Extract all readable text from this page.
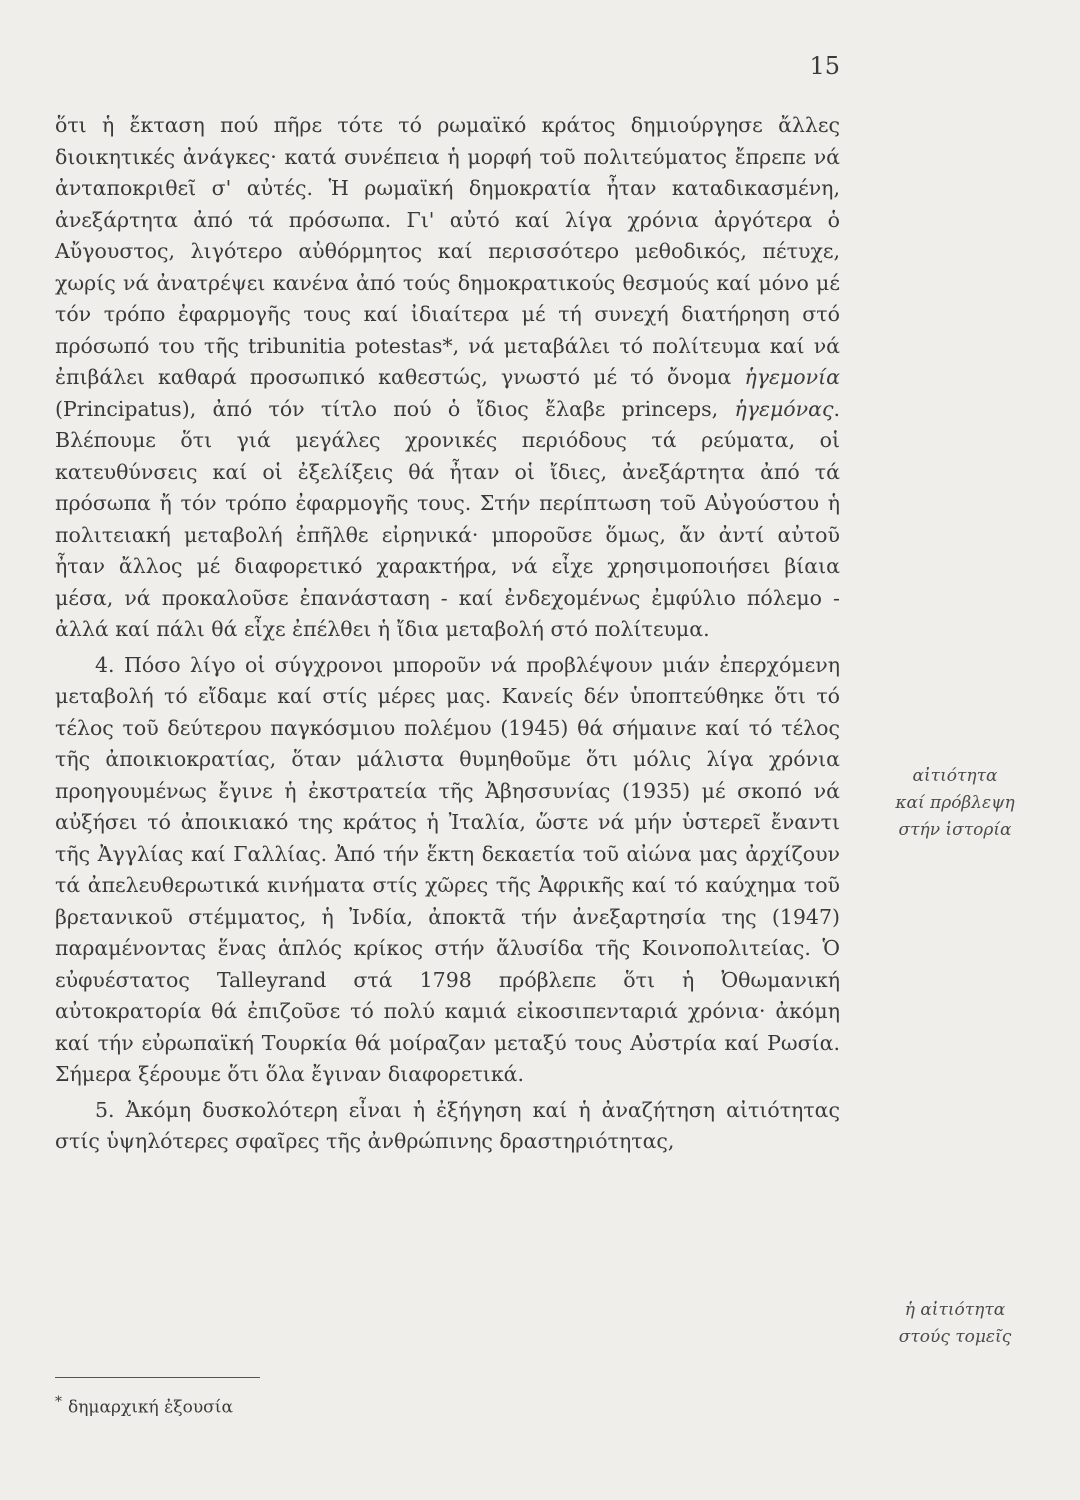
15

ὅτι ἡ ἔκταση πού πῆρε τότε τό ρωμαϊκό κράτος δημιούργησε ἄλλες διοικητικές ἀνάγκες· κατά συνέπεια ἡ μορφή τοῦ πολιτεύματος ἔπρεπε νά ἀνταποκριθεῖ σ' αὐτές. Ἡ ρωμαϊκή δημοκρατία ἦταν καταδικασμένη, ἀνεξάρτητα ἀπό τά πρόσωπα. Γι' αὐτό καί λίγα χρόνια ἀργότερα ὁ Αὔγουστος, λιγότερο αὐθόρμητος καί περισσότερο μεθοδικός, πέτυχε, χωρίς νά ἀνατρέψει κανένα ἀπό τούς δημοκρατικούς θεσμούς καί μόνο μέ τόν τρόπο ἐφαρμογῆς τους καί ἰδιαίτερα μέ τή συνεχή διατήρηση στό πρόσωπό του τῆς tribunitia potestas*, νά μεταβάλει τό πολίτευμα καί νά ἐπιβάλει καθαρά προσωπικό καθεστώς, γνωστό μέ τό ὄνομα ἡγεμονία (Principatus), ἀπό τόν τίτλο πού ὁ ἴδιος ἔλαβε princeps, ἡγεμόνας. Βλέπουμε ὅτι γιά μεγάλες χρονικές περιόδους τά ρεύματα, οἱ κατευθύνσεις καί οἱ ἐξελίξεις θά ἦταν οἱ ἴδιες, ἀνεξάρτητα ἀπό τά πρόσωπα ἤ τόν τρόπο ἐφαρμογῆς τους. Στήν περίπτωση τοῦ Αὐγούστου ἡ πολιτειακή μεταβολή ἐπῆλθε εἰρηνικά· μποροῦσε ὅμως, ἄν ἀντί αὐτοῦ ἦταν ἄλλος μέ διαφορετικό χαρακτήρα, νά εἶχε χρησιμοποιήσει βίαια μέσα, νά προκαλοῦσε ἐπανάσταση - καί ἐνδεχομένως ἐμφύλιο πόλεμο - ἀλλά καί πάλι θά εἶχε ἐπέλθει ἡ ἴδια μεταβολή στό πολίτευμα.

4. Πόσο λίγο οἱ σύγχρονοι μποροῦν νά προβλέψουν μιάν ἐπερχόμενη μεταβολή τό εἴδαμε καί στίς μέρες μας. Κανείς δέν ὑποπτεύθηκε ὅτι τό τέλος τοῦ δεύτερου παγκόσμιου πολέμου (1945) θά σήμαινε καί τό τέλος τῆς ἀποικιοκρατίας, ὅταν μάλιστα θυμηθοῦμε ὅτι μόλις λίγα χρόνια προηγουμένως ἔγινε ἡ ἐκστρατεία τῆς Ἀβησσυνίας (1935) μέ σκοπό νά αὐξήσει τό ἀποικιακό της κράτος ἡ Ἰταλία, ὥστε νά μήν ὑστερεῖ ἔναντι τῆς Ἀγγλίας καί Γαλλίας. Ἀπό τήν ἕκτη δεκαετία τοῦ αἰώνα μας ἀρχίζουν τά ἀπελευθερωτικά κινήματα στίς χῶρες τῆς Ἀφρικῆς καί τό καύχημα τοῦ βρετανικοῦ στέμματος, ἡ Ἰνδία, ἀποκτᾶ τήν ἀνεξαρτησία της (1947) παραμένοντας ἕνας ἁπλός κρίκος στήν ἅλυσίδα τῆς Κοινοπολιτείας. Ὁ εὐφυέστατος Talleyrand στά 1798 πρόβλεπε ὅτι ἡ Ὀθωμανική αὐτοκρατορία θά ἐπιζοῦσε τό πολύ καμιά εἰκοσιπενταριά χρόνια· ἀκόμη καί τήν εὐρωπαϊκή Τουρκία θά μοίραζαν μεταξύ τους Αὐστρία καί Ρωσία. Σήμερα ξέρουμε ὅτι ὅλα ἔγιναν διαφορετικά.

5. Ἀκόμη δυσκολότερη εἶναι ἡ ἐξήγηση καί ἡ ἀναζήτηση αἰτιότητας στίς ὑψηλότερες σφαῖρες τῆς ἀνθρώπινης δραστηριότητας,

αἰτιότητα
καί πρόβλεψη
στήν ἱστορία
ἡ αἰτιότητα
στούς τομεῖς
* δημαρχική ἐξουσία
